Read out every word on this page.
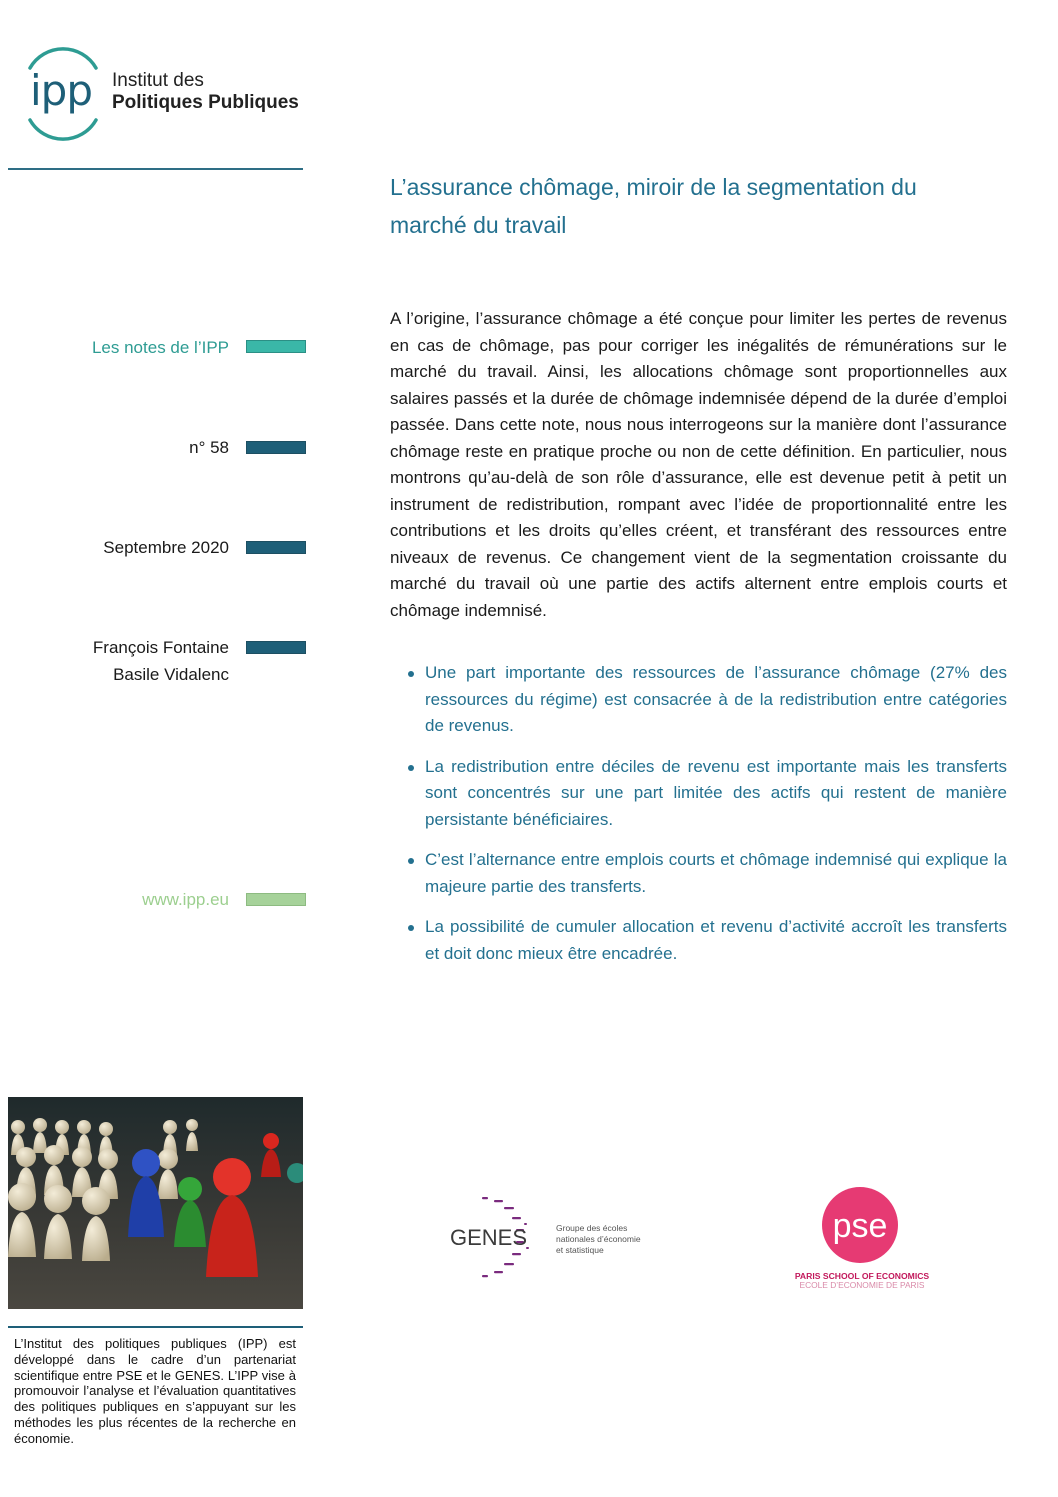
ipp Institut des
Politiques Publiques
L’assurance chômage, miroir de la segmentation du marché du travail
Les notes de l’IPP
n° 58
Septembre 2020
François Fontaine
Basile Vidalenc
www.ipp.eu

A l’origine, l’assurance chômage a été conçue pour limiter les pertes de revenus en cas de chômage, pas pour corriger les inégalités de rémunérations sur le marché du travail. Ainsi, les allocations chômage sont proportionnelles aux salaires passés et la durée de chômage indemnisée dépend de la durée d’emploi passée. Dans cette note, nous nous interrogeons sur la manière dont l’assurance chômage reste en pratique proche ou non de cette définition. En particulier, nous montrons qu’au-delà de son rôle d’assurance, elle est devenue petit à petit un instrument de redistribution, rompant avec l’idée de proportionnalité entre les contributions et les droits qu’elles créent, et transférant des ressources entre niveaux de revenus. Ce changement vient de la segmentation croissante du marché du travail où une partie des actifs alternent entre emplois courts et chômage indemnisé.

Une part importante des ressources de l’assurance chômage (27% des ressources du régime) est consacrée à de la redistribution entre catégories de revenus.
La redistribution entre déciles de revenu est importante mais les transferts sont concentrés sur une part limitée des actifs qui restent de manière persistante bénéficiaires.
C’est l’alternance entre emplois courts et chômage indemnisé qui explique la majeure partie des transferts.
La possibilité de cumuler allocation et revenu d’activité accroît les transferts et doit donc mieux être encadrée.

L’Institut des politiques publiques (IPP) est développé dans le cadre d’un partenariat scientifique entre PSE et le GENES. L’IPP vise à promouvoir l’analyse et l’évaluation quantitatives des politiques publiques en s’appuyant sur les méthodes les plus récentes de la recherche en économie.

GENES	Groupe des écoles
nationales d’économie
et statistique
pse
PARIS SCHOOL OF ECONOMICS
ECOLE D’ECONOMIE DE PARIS
